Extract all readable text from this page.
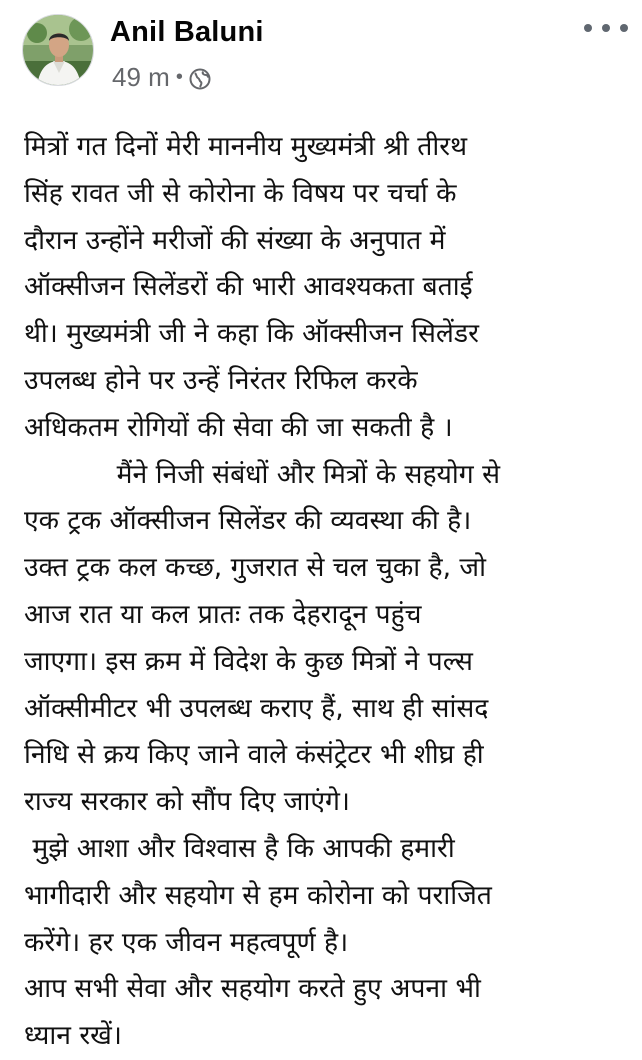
Anil Baluni
49 m •
मित्रों गत दिनों मेरी माननीय मुख्यमंत्री श्री तीरथ
सिंह रावत जी से कोरोना के विषय पर चर्चा के
दौरान उन्होंने मरीजों की संख्या के अनुपात में
ऑक्सीजन सिलेंडरों की भारी आवश्यकता बताई
थी। मुख्यमंत्री जी ने कहा कि ऑक्सीजन सिलेंडर
उपलब्ध होने पर उन्हें निरंतर रिफिल करके
अधिकतम रोगियों की सेवा की जा सकती है ।
मैंने निजी संबंधों और मित्रों के सहयोग से
एक ट्रक ऑक्सीजन सिलेंडर की व्यवस्था की है।
उक्त ट्रक कल कच्छ, गुजरात से चल चुका है, जो
आज रात या कल प्रातः तक देहरादून पहुंच
जाएगा। इस क्रम में विदेश के कुछ मित्रों ने पल्स
ऑक्सीमीटर भी उपलब्ध कराए हैं, साथ ही सांसद
निधि से क्रय किए जाने वाले कंसंट्रेटर भी शीघ्र ही
राज्य सरकार को सौंप दिए जाएंगे।
मुझे आशा और विश्वास है कि आपकी हमारी
भागीदारी और सहयोग से हम कोरोना को पराजित
करेंगे। हर एक जीवन महत्वपूर्ण है।
आप सभी सेवा और सहयोग करते हुए अपना भी
ध्यान रखें।
